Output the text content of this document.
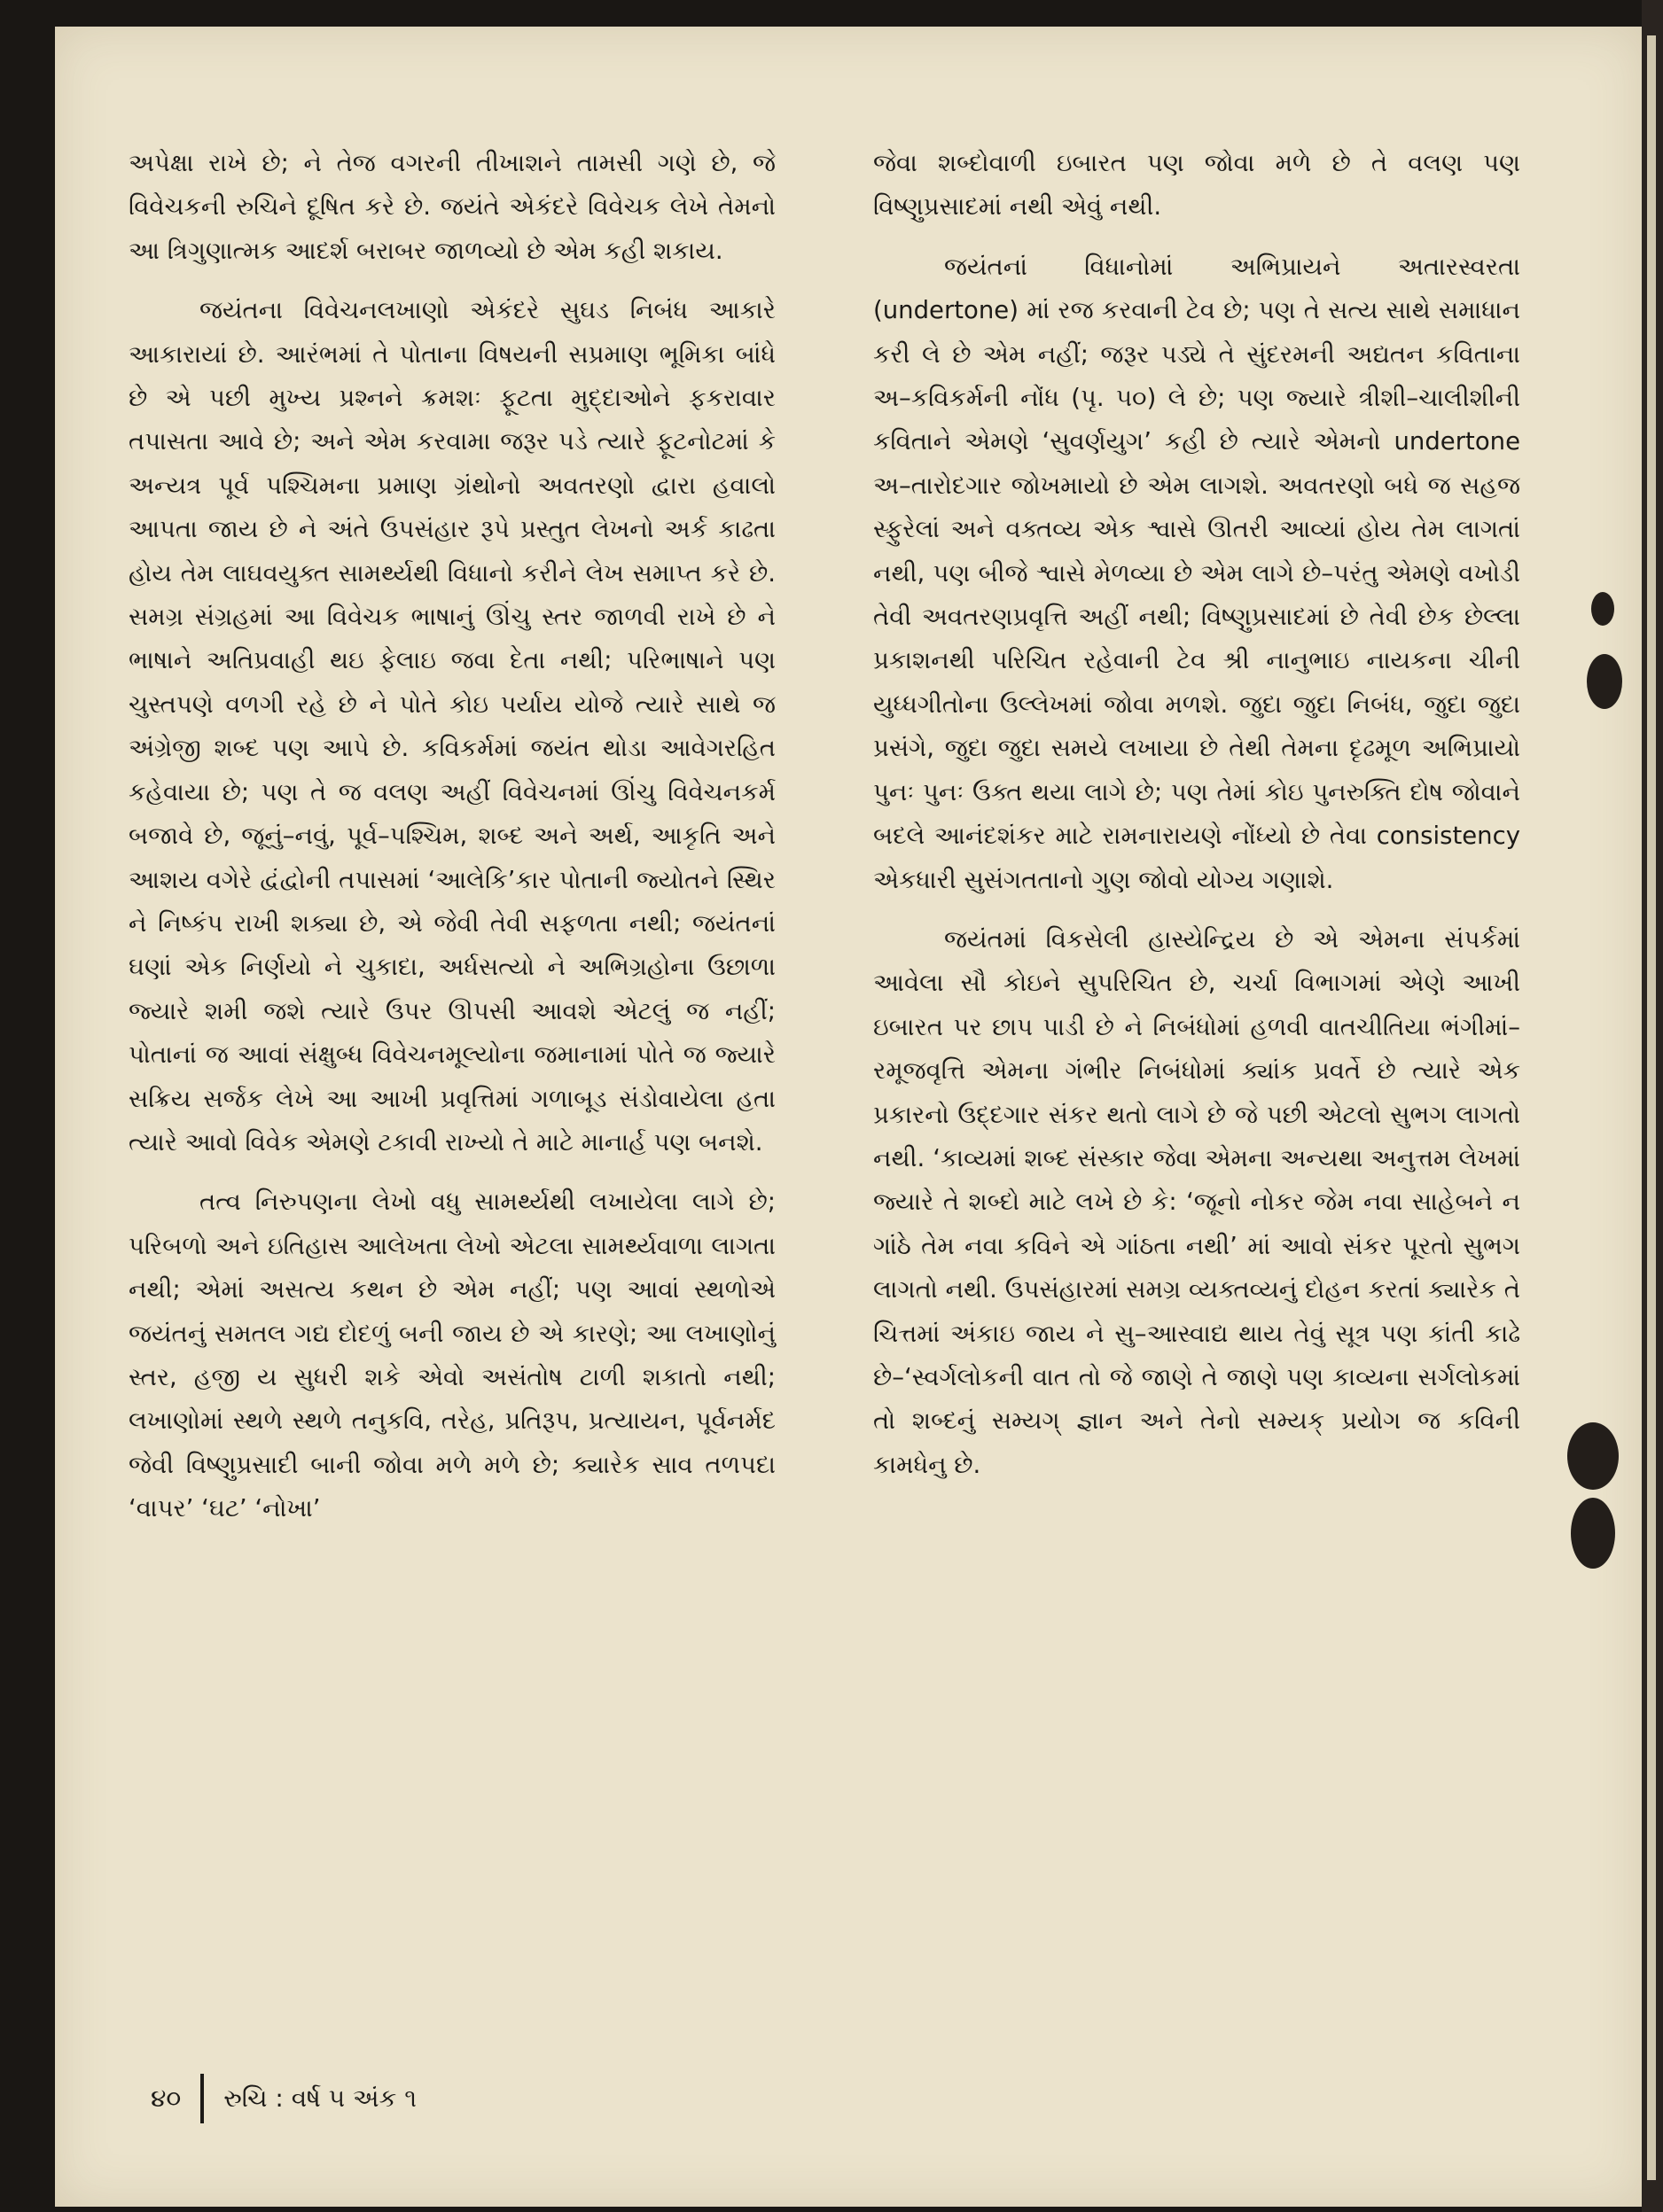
અપેક્ષા રાખે છે; ને તેજ વગરની તીખાશને તામસી ગણે છે, જે વિવેચકની રુચિને દૂષિત કરે છે. જયંતે એકંદરે વિવેચક લેખે તેમનો આ ત્રિગુણાત્મક આદર્શ બરાબર જાળવ્યો છે એમ કહી શકાય.

જયંતના વિવેચનલખાણો એકંદરે સુઘડ નિબંધ આકારે આકારાયાં છે. આરંભમાં તે પોતાના વિષયની સપ્રમાણ ભૂમિકા બાંધે છે એ પછી મુખ્ય પ્રશ્નને ક્રમશઃ ફૂટતા મુદ્દાઓને ફકરાવાર તપાસતા આવે છે; અને એમ કરવામા જરૂર પડે ત્યારે ફૂટનોટમાં કે અન્યત્ર પૂર્વ પશ્ચિમના પ્રમાણ ગ્રંથોનો અવતરણો દ્વારા હવાલો આપતા જાય છે ને અંતે ઉપસંહાર રૂપે પ્રસ્તુત લેખનો અર્ક કાઢતા હોય તેમ લાઘવયુક્ત સામર્થ્યથી વિધાનો કરીને લેખ સમાપ્ત કરે છે. સમગ્ર સંગ્રહમાં આ વિવેચક ભાષાનું ઊંચુ સ્તર જાળવી રાખે છે ને ભાષાને અતિપ્રવાહી થઇ ફેલાઇ જવા દેતા નથી; પરિભાષાને પણ ચુસ્તપણે વળગી રહે છે ને પોતે કોઇ પર્યાય યોજે ત્યારે સાથે જ અંગ્રેજી શબ્દ પણ આપે છે. કવિકર્મમાં જયંત થોડા આવેગરહિત કહેવાયા છે; પણ તે જ વલણ અહીં વિવેચનમાં ઊંચુ વિવેચનકર્મ બજાવે છે, જૂનું–નવું, પૂર્વ–પશ્ચિમ, શબ્દ અને અર્થ, આકૃતિ અને આશય વગેરે દ્વંદ્વોની તપાસમાં ‘આલેકિ’કાર પોતાની જ્યોતને સ્થિર ને નિષ્કંપ રાખી શક્યા છે, એ જેવી તેવી સફળતા નથી; જયંતનાં ઘણાં એક નિર્ણયો ને ચુકાદા, અર્ધસત્યો ને અભિગ્રહોના ઉછાળા જ્યારે શમી જશે ત્યારે ઉપર ઊપસી આવશે એટલું જ નહીં; પોતાનાં જ આવાં સંક્ષુબ્ધ વિવેચનમૂલ્યોના જમાનામાં પોતે જ જ્યારે સક્રિય સર્જક લેખે આ આખી પ્રવૃત્તિમાં ગળાબૂડ સંડોવાયેલા હતા ત્યારે આવો વિવેક એમણે ટકાવી રાખ્યો તે માટે માનાર્હ પણ બનશે.

તત્વ નિરુપણના લેખો વધુ સામર્થ્યથી લખાયેલા લાગે છે; પરિબળો અને ઇતિહાસ આલેખતા લેખો એટલા સામર્થ્યવાળા લાગતા નથી; એમાં અસત્ય કથન છે એમ નહીં; પણ આવાં સ્થળોએ જયંતનું સમતલ ગદ્ય દોદળું બની જાય છે એ કારણે; આ લખાણોનું સ્તર, હજી ય સુધરી શકે એવો અસંતોષ ટાળી શકાતો નથી; લખાણોમાં સ્થળે સ્થળે તનુકવિ, તરેહ, પ્રતિરૂપ, પ્રત્યાયન, પૂર્વનર્મદ જેવી વિષ્ણુપ્રસાદી બાની જોવા મળે મળે છે; ક્યારેક સાવ તળપદા ‘વાપર’ ‘ઘટ’ ‘નોખા’

જેવા શબ્દોવાળી ઇબારત પણ જોવા મળે છે તે વલણ પણ વિષ્ણુપ્રસાદમાં નથી એવું નથી.

જયંતનાં વિધાનોમાં અભિપ્રાયને અતારસ્વરતા (undertone) માં રજ કરવાની ટેવ છે; પણ તે સત્ય સાથે સમાધાન કરી લે છે એમ નહીં; જરૂર પડ્યે તે સુંદરમની અદ્યતન કવિતાના અ–કવિકર્મની નોંધ (પૃ. ૫૦) લે છે; પણ જ્યારે ત્રીશી–ચાલીશીની કવિતાને એમણે ‘સુવર્ણયુગ’ કહી છે ત્યારે એમનો undertone અ–તારોદગાર જોખમાયો છે એમ લાગશે. અવતરણો બધે જ સહજ સ્ફુરેલાં અને વક્તવ્ય એક શ્વાસે ઊતરી આવ્યાં હોય તેમ લાગતાં નથી, પણ બીજે શ્વાસે મેળવ્યા છે એમ લાગે છે–પરંતુ એમણે વખોડી તેવી અવતરણપ્રવૃત્તિ અહીં નથી; વિષ્ણુપ્રસાદમાં છે તેવી છેક છેલ્લા પ્રકાશનથી પરિચિત રહેવાની ટેવ શ્રી નાનુભાઇ નાયકના ચીની યુધ્ધગીતોના ઉલ્લેખમાં જોવા મળશે. જુદા જુદા નિબંધ, જુદા જુદા પ્રસંગે, જુદા જુદા સમયે લખાયા છે તેથી તેમના દૃઢમૂળ અભિપ્રાયો પુનઃ પુનઃ ઉક્ત થયા લાગે છે; પણ તેમાં કોઇ પુનરુક્તિ દોષ જોવાને બદલે આનંદશંકર માટે રામનારાયણે નોંધ્યો છે તેવા consistency એકધારી સુસંગતતાનો ગુણ જોવો યોગ્ય ગણાશે.

જયંતમાં વિકસેલી હાસ્યેન્દ્રિય છે એ એમના સંપર્કમાં આવેલા સૌ કોઇને સુપરિચિત છે, ચર્ચા વિભાગમાં એણે આખી ઇબારત પર છાપ પાડી છે ને નિબંધોમાં હળવી વાતચીતિયા ભંગીમાં–રમૂજવૃત્તિ એમના ગંભીર નિબંધોમાં ક્યાંક પ્રવર્તે છે ત્યારે એક પ્રકારનો ઉદ્દગાર સંકર થતો લાગે છે જે પછી એટલો સુભગ લાગતો નથી. ‘કાવ્યમાં શબ્દ સંસ્કાર જેવા એમના અન્યથા અનુત્તમ લેખમાં જ્યારે તે શબ્દો માટે લખે છે કે: ‘જૂનો નોકર જેમ નવા સાહેબને ન ગાંઠે તેમ નવા કવિને એ ગાંઠતા નથી’ માં આવો સંકર પૂરતો સુભગ લાગતો નથી. ઉપસંહારમાં સમગ્ર વ્યક્તવ્યનું દોહન કરતાં ક્યારેક તે ચિત્તમાં અંકાઇ જાય ને સુ–આસ્વાદ્ય થાય તેવું સૂત્ર પણ કાંતી કાઢે છે–‘સ્વર્ગલોકની વાત તો જે જાણે તે જાણે પણ કાવ્યના સર્ગલોકમાં તો શબ્દનું સમ્યગ્ જ્ઞાન અને તેનો સમ્યક્ પ્રયોગ જ કવિની કામધેનુ છે.

૪૦ રુચિ : વર્ષ ૫ અંક ૧
